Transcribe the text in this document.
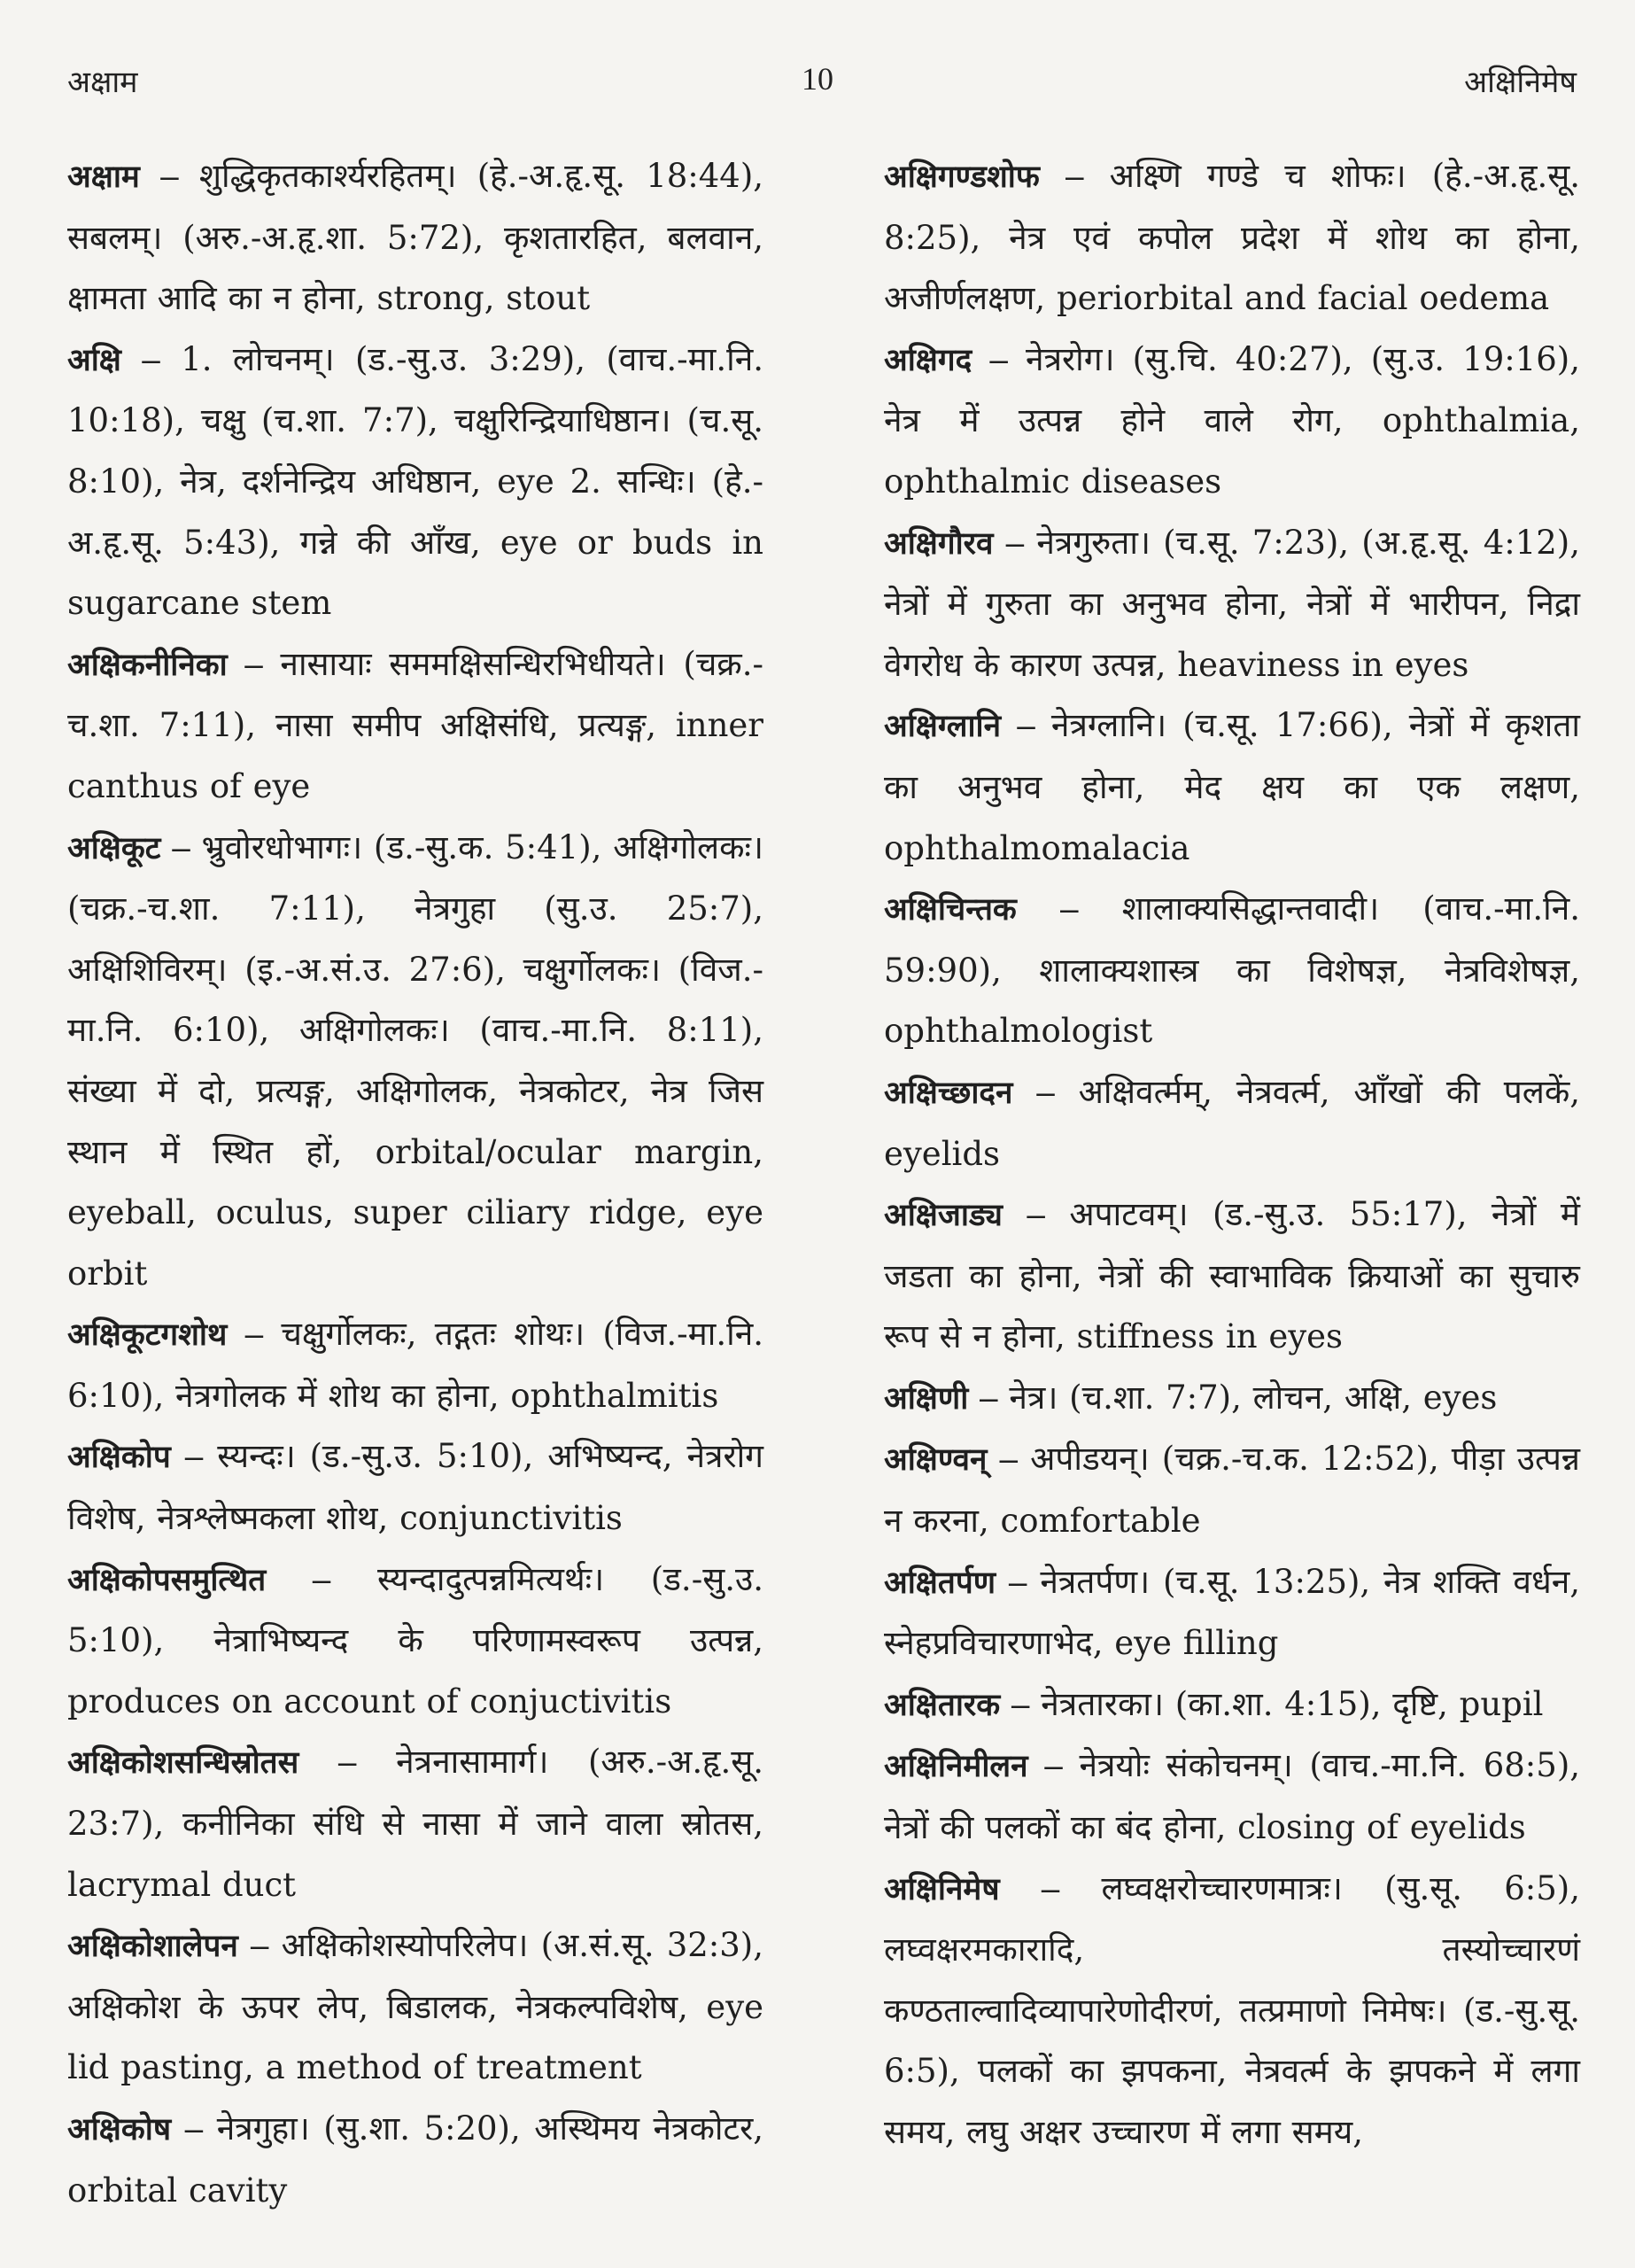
अक्षाम	10	अक्षिनिमेष

अक्षाम – शुद्धिकृतकार्श्यरहितम्। (हे.-अ.हृ.सू. 18:44), सबलम्। (अरु.-अ.हृ.शा. 5:72), कृशतारहित, बलवान, क्षामता आदि का न होना, strong, stout

अक्षि – 1. लोचनम्। (ड.-सु.उ. 3:29), (वाच.-मा.नि. 10:18), चक्षु (च.शा. 7:7), चक्षुरिन्द्रियाधिष्ठान। (च.सू. 8:10), नेत्र, दर्शनेन्द्रिय अधिष्ठान, eye 2. सन्धिः। (हे.-अ.हृ.सू. 5:43), गन्ने की आँख, eye or buds in sugarcane stem

अक्षिकनीनिका – नासायाः सममक्षिसन्धिरभिधीयते। (चक्र.-च.शा. 7:11), नासा समीप अक्षिसंधि, प्रत्यङ्ग, inner canthus of eye

अक्षिकूट – भ्रुवोरधोभागः। (ड.-सु.क. 5:41), अक्षिगोलकः। (चक्र.-च.शा. 7:11), नेत्रगुहा (सु.उ. 25:7), अक्षिशिविरम्। (इ.-अ.सं.उ. 27:6), चक्षुर्गोलकः। (विज.-मा.नि. 6:10), अक्षिगोलकः। (वाच.-मा.नि. 8:11), संख्या में दो, प्रत्यङ्ग, अक्षिगोलक, नेत्रकोटर, नेत्र जिस स्थान में स्थित हों, orbital/ocular margin, eyeball, oculus, super ciliary ridge, eye orbit

अक्षिकूटगशोथ – चक्षुर्गोलकः, तद्गतः शोथः। (विज.-मा.नि. 6:10), नेत्रगोलक में शोथ का होना, ophthalmitis

अक्षिकोप – स्यन्दः। (ड.-सु.उ. 5:10), अभिष्यन्द, नेत्ररोग विशेष, नेत्रश्लेष्मकला शोथ, conjunctivitis

अक्षिकोपसमुत्थित – स्यन्दादुत्पन्नमित्यर्थः। (ड.-सु.उ. 5:10), नेत्राभिष्यन्द के परिणामस्वरूप उत्पन्न, produces on account of conjuctivitis

अक्षिकोशसन्धिस्रोतस – नेत्रनासामार्ग। (अरु.-अ.हृ.सू. 23:7), कनीनिका संधि से नासा में जाने वाला स्रोतस, lacrymal duct

अक्षिकोशालेपन – अक्षिकोशस्योपरिलेप। (अ.सं.सू. 32:3), अक्षिकोश के ऊपर लेप, बिडालक, नेत्रकल्पविशेष, eye lid pasting, a method of treatment

अक्षिकोष – नेत्रगुहा। (सु.शा. 5:20), अस्थिमय नेत्रकोटर, orbital cavity

अक्षिगण्डशोफ – अक्ष्णि गण्डे च शोफः। (हे.-अ.हृ.सू. 8:25), नेत्र एवं कपोल प्रदेश में शोथ का होना, अजीर्णलक्षण, periorbital and facial oedema

अक्षिगद – नेत्ररोग। (सु.चि. 40:27), (सु.उ. 19:16), नेत्र में उत्पन्न होने वाले रोग, ophthalmia, ophthalmic diseases

अक्षिगौरव – नेत्रगुरुता। (च.सू. 7:23), (अ.हृ.सू. 4:12), नेत्रों में गुरुता का अनुभव होना, नेत्रों में भारीपन, निद्रा वेगरोध के कारण उत्पन्न, heaviness in eyes

अक्षिग्लानि – नेत्रग्लानि। (च.सू. 17:66), नेत्रों में कृशता का अनुभव होना, मेद क्षय का एक लक्षण, ophthalmomalacia

अक्षिचिन्तक – शालाक्यसिद्धान्तवादी। (वाच.-मा.नि. 59:90), शालाक्यशास्त्र का विशेषज्ञ, नेत्रविशेषज्ञ, ophthalmologist

अक्षिच्छादन – अक्षिवर्त्मम्, नेत्रवर्त्म, आँखों की पलकें, eyelids

अक्षिजाड्य – अपाटवम्। (ड.-सु.उ. 55:17), नेत्रों में जडता का होना, नेत्रों की स्वाभाविक क्रियाओं का सुचारु रूप से न होना, stiffness in eyes

अक्षिणी – नेत्र। (च.शा. 7:7), लोचन, अक्षि, eyes

अक्षिण्वन् – अपीडयन्। (चक्र.-च.क. 12:52), पीड़ा उत्पन्न न करना, comfortable

अक्षितर्पण – नेत्रतर्पण। (च.सू. 13:25), नेत्र शक्ति वर्धन, स्नेहप्रविचारणाभेद, eye filling

अक्षितारक – नेत्रतारका। (का.शा. 4:15), दृष्टि, pupil

अक्षिनिमीलन – नेत्रयोः संकोचनम्। (वाच.-मा.नि. 68:5), नेत्रों की पलकों का बंद होना, closing of eyelids

अक्षिनिमेष – लघ्वक्षरोच्चारणमात्रः। (सु.सू. 6:5), लघ्वक्षरमकारादि, तस्योच्चारणं कण्ठताल्वादिव्यापारेणोदीरणं, तत्प्रमाणो निमेषः। (ड.-सु.सू. 6:5), पलकों का झपकना, नेत्रवर्त्म के झपकने में लगा समय, लघु अक्षर उच्चारण में लगा समय,
